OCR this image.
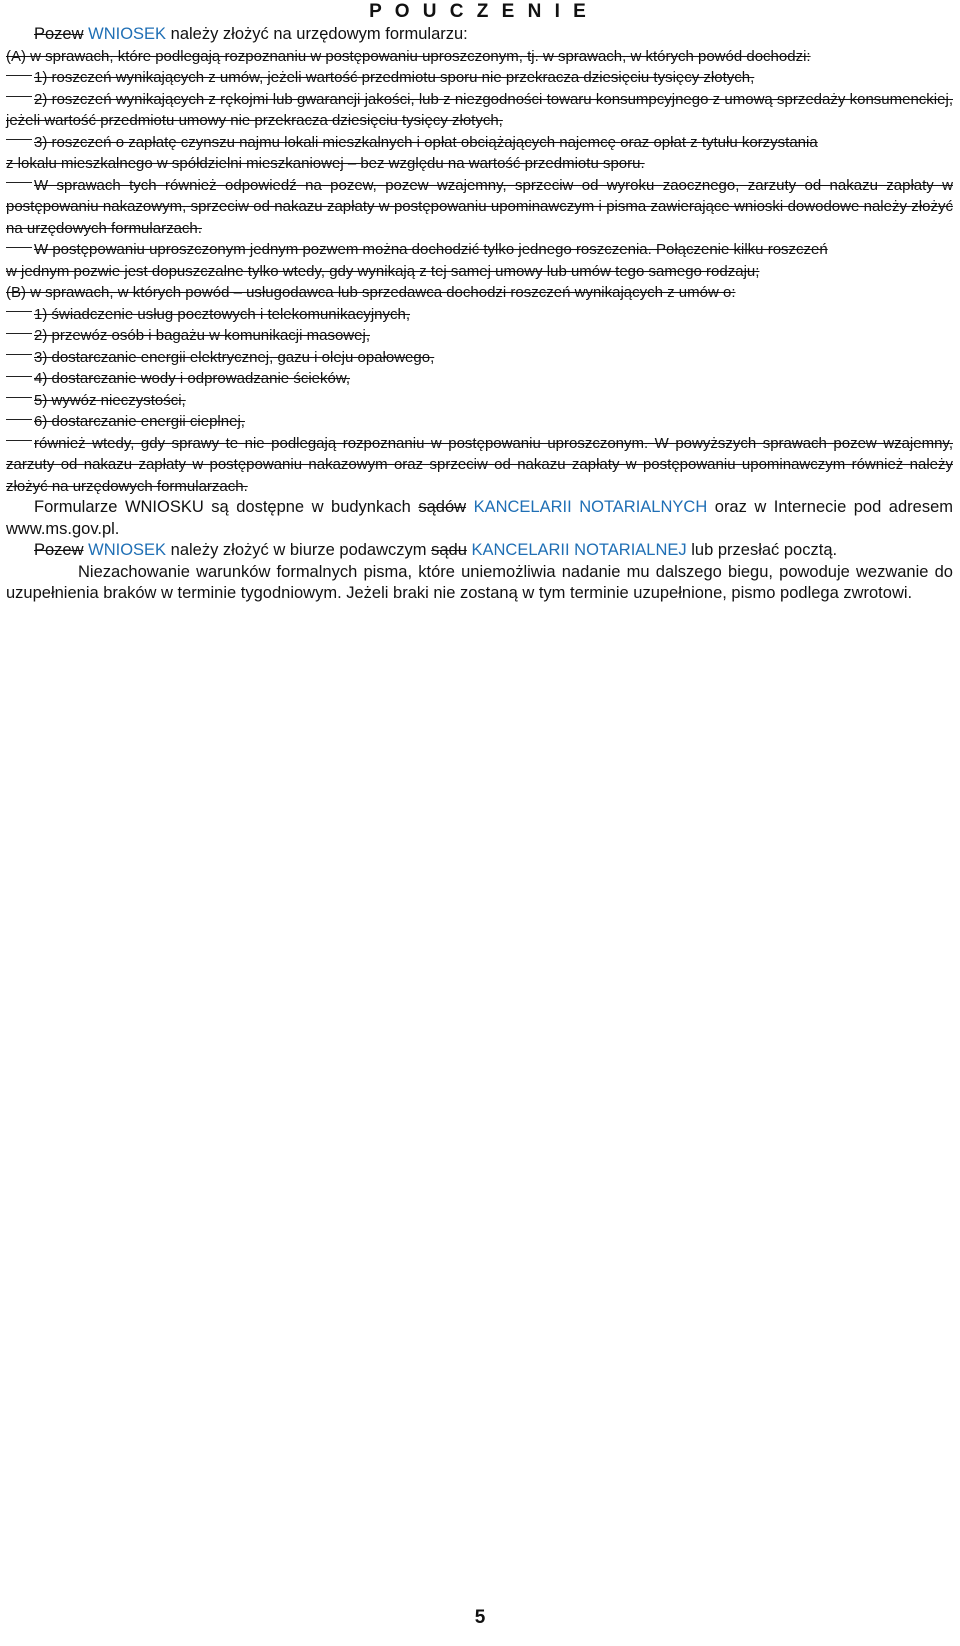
P O U C Z E N I E

Pozew WNIOSEK należy złożyć na urzędowym formularzu:

(A) w sprawach, które podlegają rozpoznaniu w postępowaniu uproszczonym, tj. w sprawach, w których powód dochodzi:

1) roszczeń wynikających z umów, jeżeli wartość przedmiotu sporu nie przekracza dziesięciu tysięcy złotych,

2) roszczeń wynikających z rękojmi lub gwarancji jakości, lub z niezgodności towaru konsumpcyjnego z umową sprzedaży konsumenckiej, jeżeli wartość przedmiotu umowy nie przekracza dziesięciu tysięcy złotych,

3) roszczeń o zapłatę czynszu najmu lokali mieszkalnych i opłat obciążających najemcę oraz opłat z tytułu korzystania

z lokalu mieszkalnego w spółdzielni mieszkaniowej – bez względu na wartość przedmiotu sporu.

W sprawach tych również odpowiedź na pozew, pozew wzajemny, sprzeciw od wyroku zaocznego, zarzuty od nakazu zapłaty w postępowaniu nakazowym, sprzeciw od nakazu zapłaty w postępowaniu upominawczym i pisma zawierające wnioski dowodowe należy złożyć na urzędowych formularzach.

W postępowaniu uproszczonym jednym pozwem można dochodzić tylko jednego roszczenia. Połączenie kilku roszczeń

w jednym pozwie jest dopuszczalne tylko wtedy, gdy wynikają z tej samej umowy lub umów tego samego rodzaju;

(B) w sprawach, w których powód – usługodawca lub sprzedawca dochodzi roszczeń wynikających z umów o:

1) świadczenie usług pocztowych i telekomunikacyjnych,

2) przewóz osób i bagażu w komunikacji masowej,

3) dostarczanie energii elektrycznej, gazu i oleju opałowego,

4) dostarczanie wody i odprowadzanie ścieków,

5) wywóz nieczystości,

6) dostarczanie energii cieplnej,

również wtedy, gdy sprawy te nie podlegają rozpoznaniu w postępowaniu uproszczonym. W powyższych sprawach pozew wzajemny, zarzuty od nakazu zapłaty w postępowaniu nakazowym oraz sprzeciw od nakazu zapłaty w postępowaniu upominawczym również należy złożyć na urzędowych formularzach.

Formularze WNIOSKU są dostępne w budynkach sądów KANCELARII NOTARIALNYCH oraz w Internecie pod adresem www.ms.gov.pl.

Pozew WNIOSEK należy złożyć w biurze podawczym sądu KANCELARII NOTARIALNEJ lub przesłać pocztą.

Niezachowanie warunków formalnych pisma, które uniemożliwia nadanie mu dalszego biegu, powoduje wezwanie do uzupełnienia braków w terminie tygodniowym. Jeżeli braki nie zostaną w tym terminie uzupełnione, pismo podlega zwrotowi.

5
